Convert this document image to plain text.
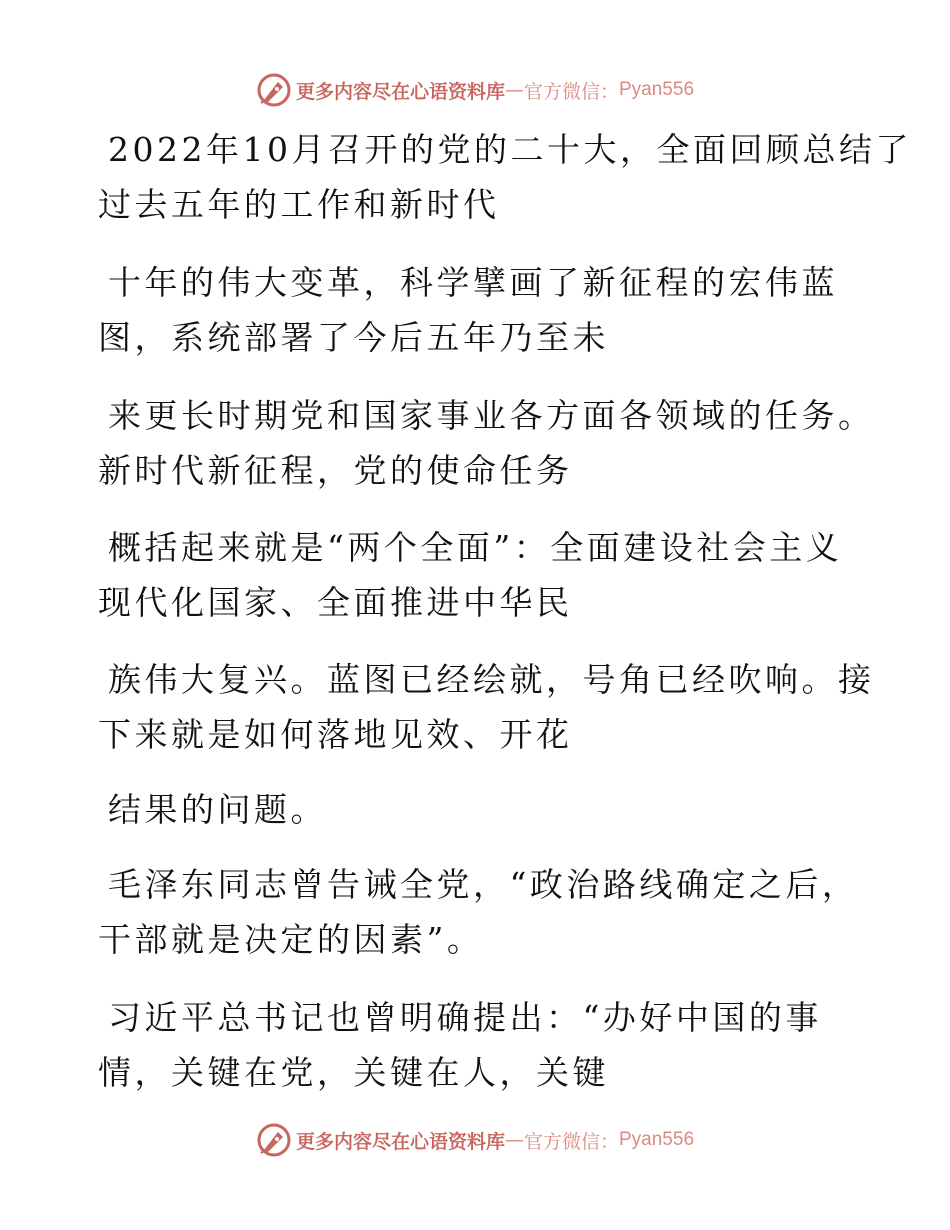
更多内容尽在心语资料库 — 官方微信： Pyan556
2022年10月召开的党的二十大，全面回顾总结了
过去五年的工作和新时代
十年的伟大变革，科学擘画了新征程的宏伟蓝
图，系统部署了今后五年乃至未
来更长时期党和国家事业各方面各领域的任务。
新时代新征程，党的使命任务
概括起来就是“两个全面”：全面建设社会主义
现代化国家、全面推进中华民
族伟大复兴。蓝图已经绘就，号角已经吹响。接
下来就是如何落地见效、开花
结果的问题。
毛泽东同志曾告诫全党，“政治路线确定之后，
干部就是决定的因素”。
习近平总书记也曾明确提出：“办好中国的事
情，关键在党，关键在人，关键
更多内容尽在心语资料库 — 官方微信： Pyan556
